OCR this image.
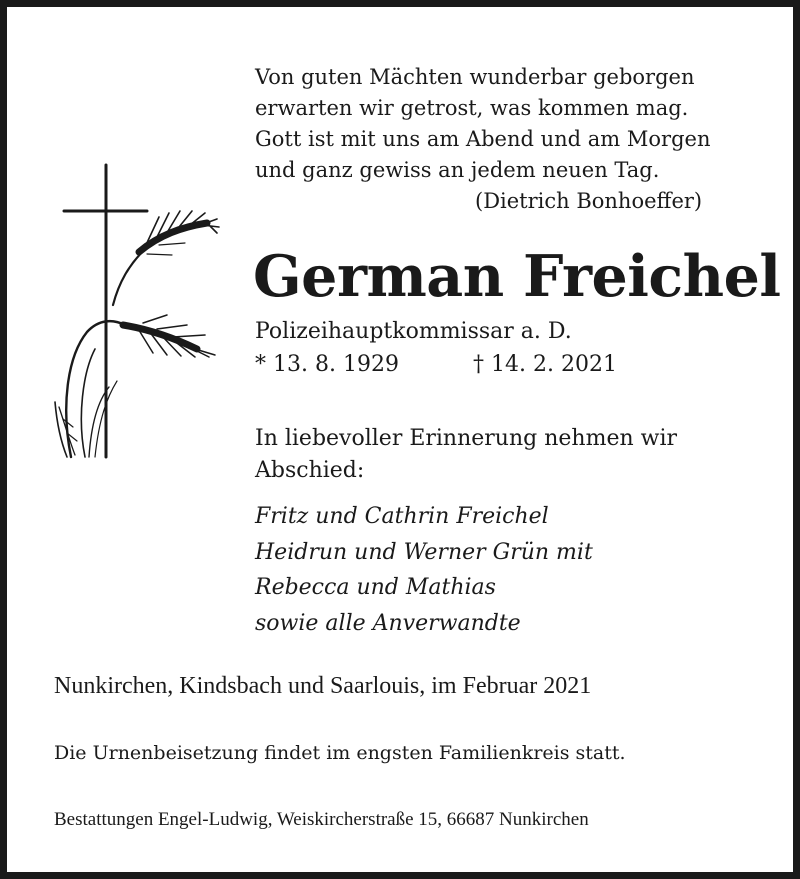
Von guten Mächten wunderbar geborgen
erwarten wir getrost, was kommen mag.
Gott ist mit uns am Abend und am Morgen
und ganz gewiss an jedem neuen Tag.
(Dietrich Bonhoeffer)
German Freichel
Polizeihauptkommissar a. D.
* 13. 8. 1929	† 14. 2. 2021
In liebevoller Erinnerung nehmen wir Abschied:
Fritz und Cathrin Freichel
Heidrun und Werner Grün mit
Rebecca und Mathias
sowie alle Anverwandte
Nunkirchen, Kindsbach und Saarlouis, im Februar 2021
Die Urnenbeisetzung findet im engsten Familienkreis statt.
Bestattungen Engel-Ludwig, Weiskircherstraße 15, 66687 Nunkirchen
